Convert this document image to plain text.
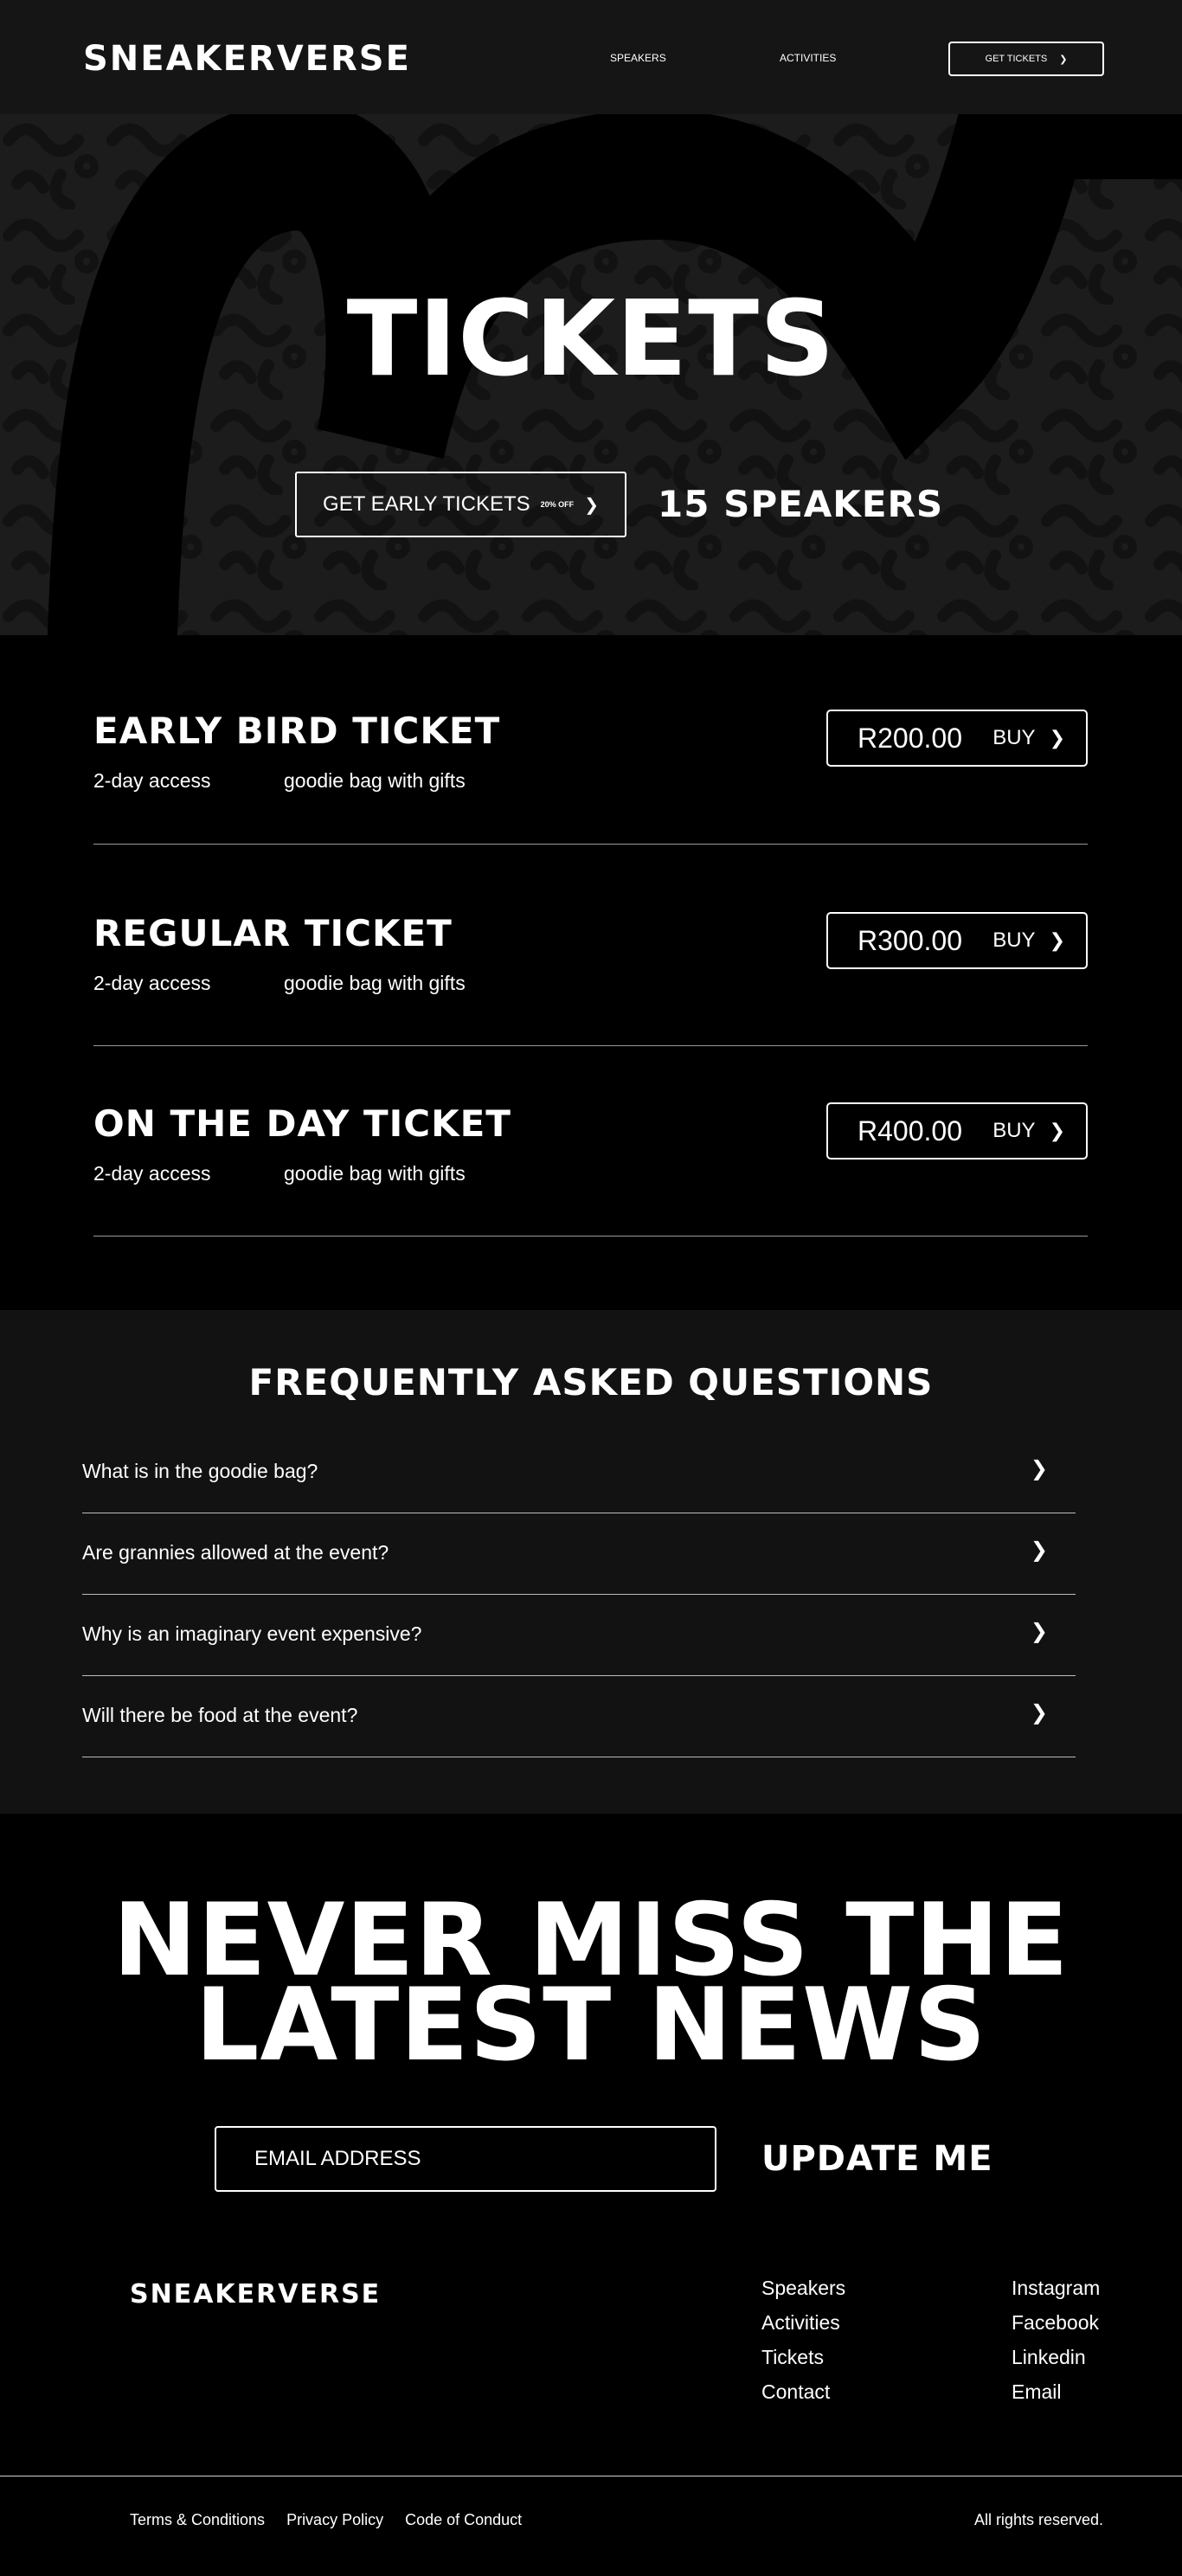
SNEAKERVERSE	SPEAKERS	ACTIVITIES	GET TICKETS ❯
TICKETS
GET EARLY TICKETS 20% OFF ❯ 15 SPEAKERS
EARLY BIRD TICKET
2-day access	goodie bag with gifts
R200.00 BUY ❯
REGULAR TICKET
2-day access	goodie bag with gifts
R300.00 BUY ❯
ON THE DAY TICKET
2-day access	goodie bag with gifts
R400.00 BUY ❯
FREQUENTLY ASKED QUESTIONS
What is in the goodie bag?	❯
Are grannies allowed at the event?	❯
Why is an imaginary event expensive?	❯
Will there be food at the event?	❯
NEVER MISS THE
LATEST NEWS
EMAIL ADDRESS
UPDATE ME
SNEAKERVERSE	Speakers
Activities
Tickets
Contact
Instagram
Facebook
Linkedin
Email
Terms & Conditions Privacy Policy Code of Conduct	All rights reserved.
